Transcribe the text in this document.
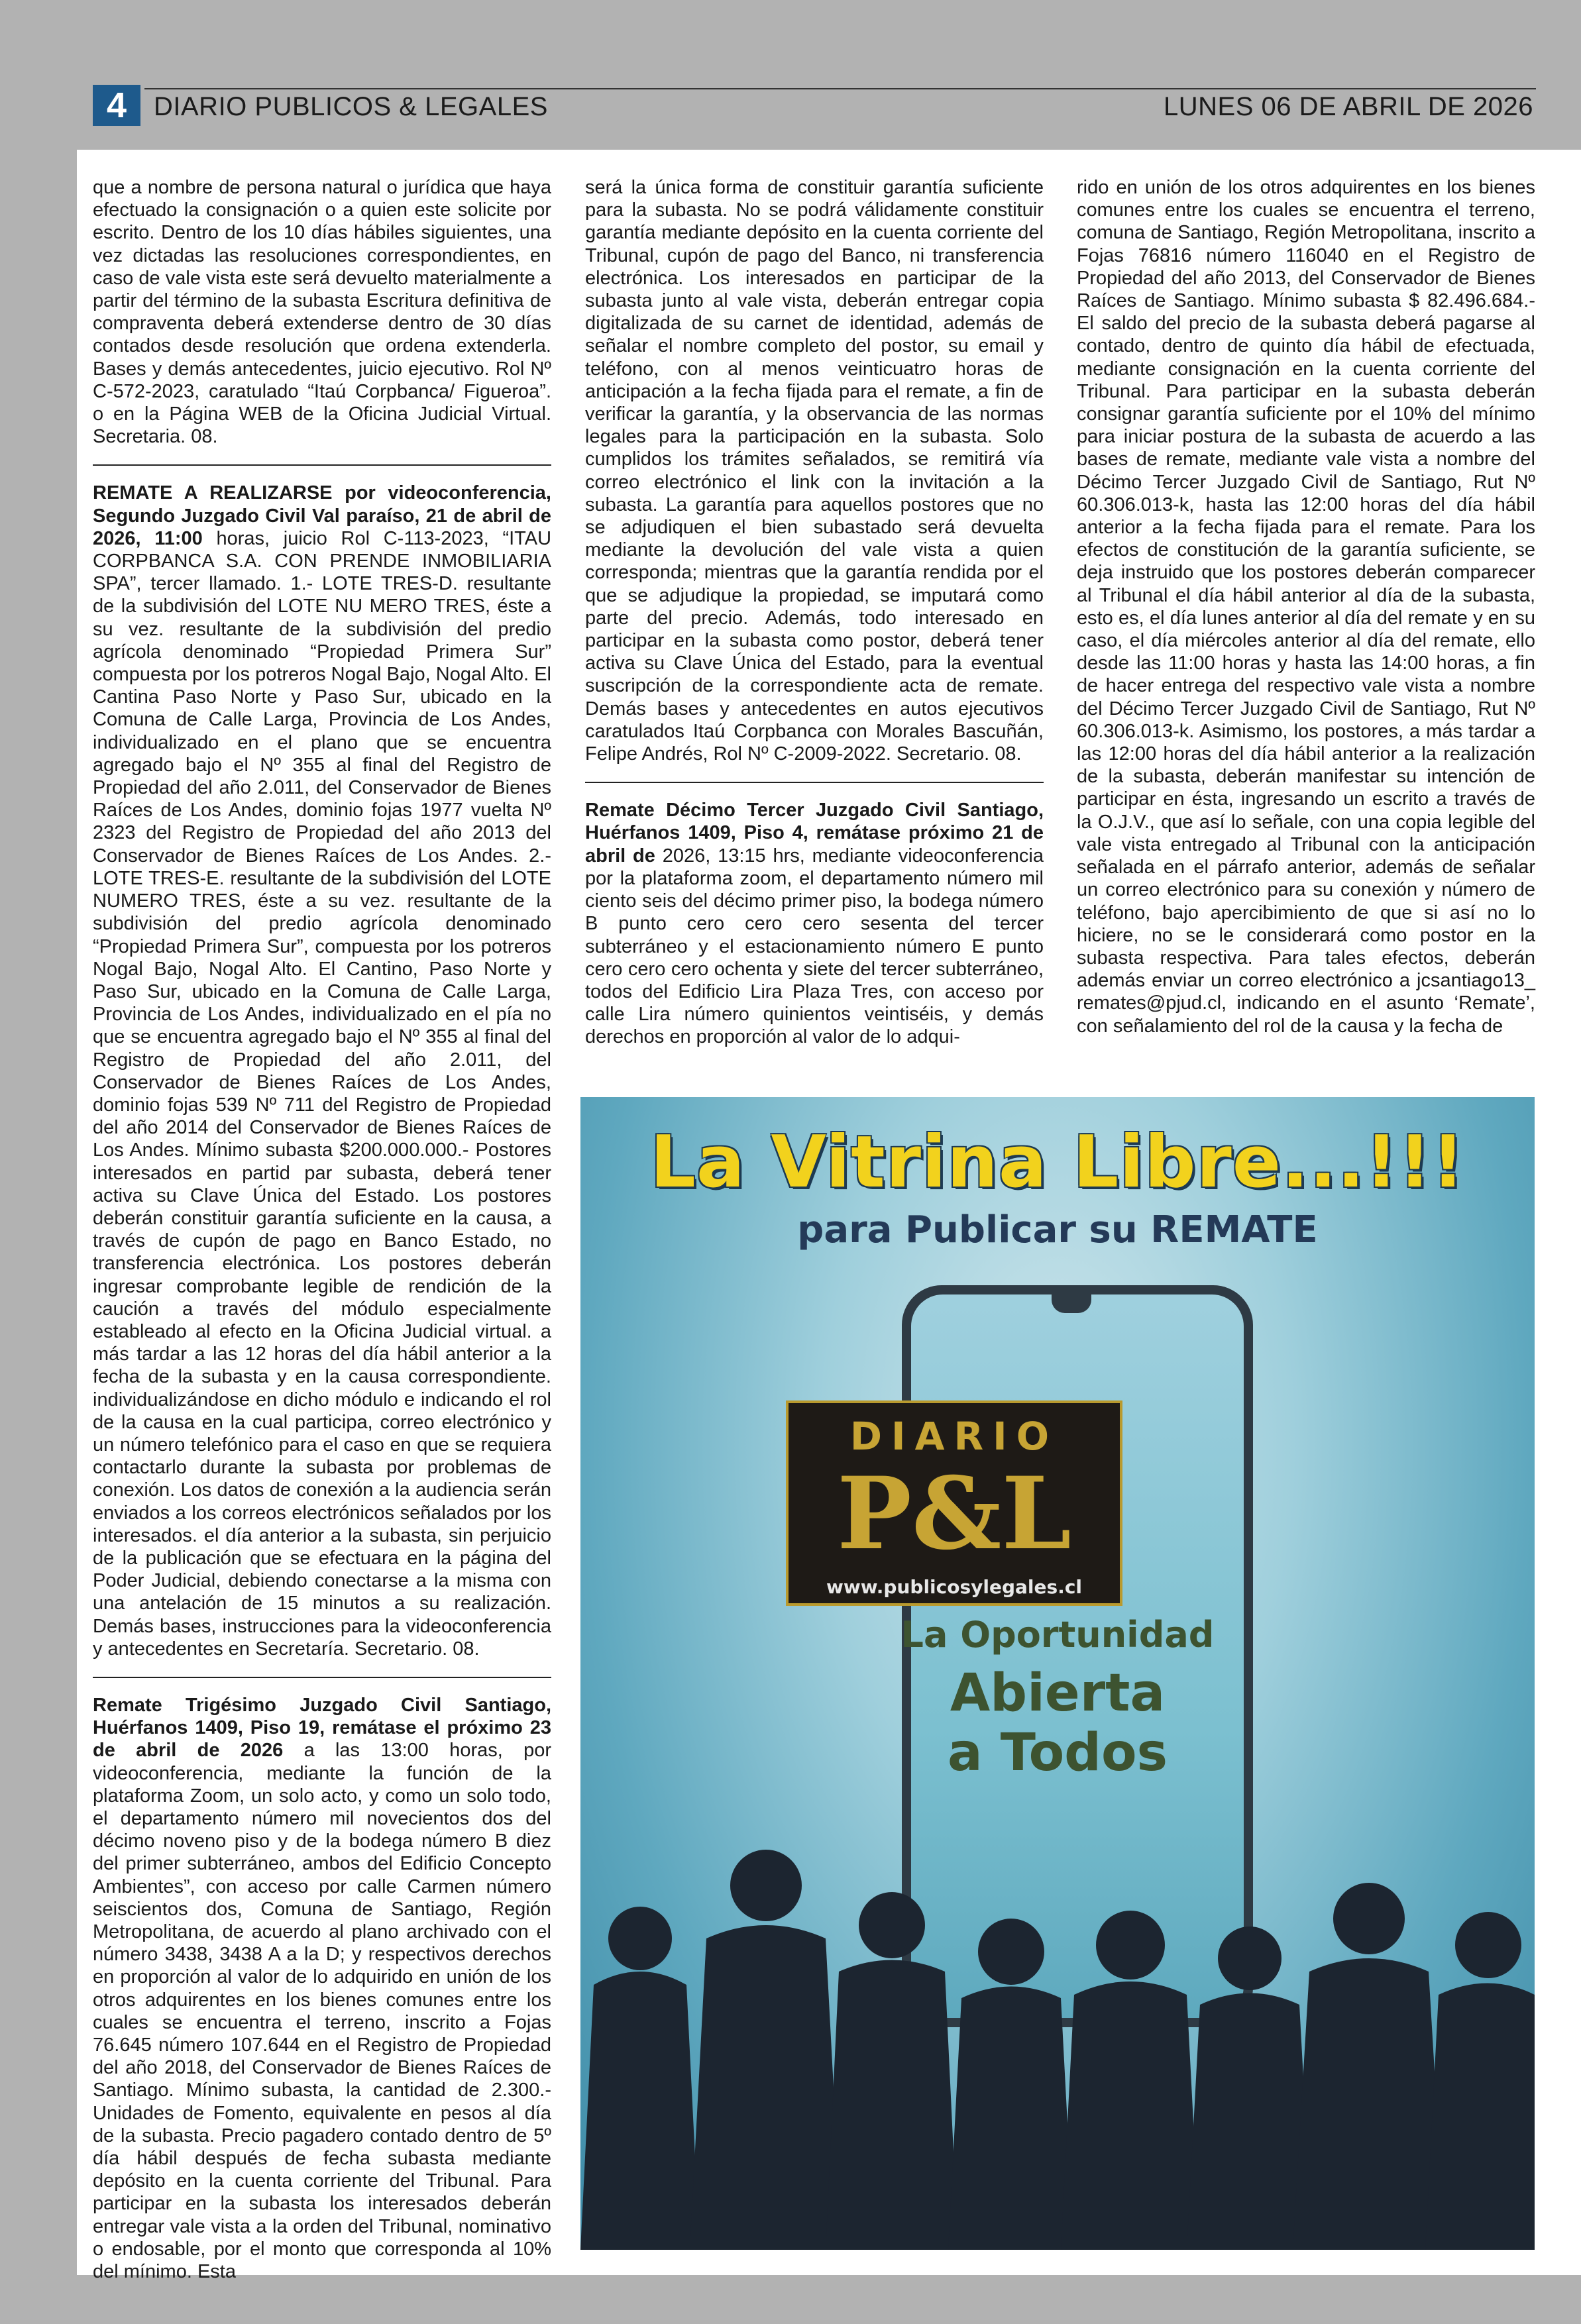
4	DIARIO PUBLICOS & LEGALES	LUNES 06 DE ABRIL DE 2026

que a nombre de persona natural o jurídica que haya efectuado la consignación o a quien este solicite por escrito. Dentro de los 10 días hábiles siguientes, una vez dictadas las resoluciones correspondientes, en caso de vale vista este será devuelto materialmente a partir del término de la subasta Escritura definitiva de compraventa deberá extenderse dentro de 30 días contados desde resolución que ordena extenderla. Bases y demás antecedentes, juicio ejecutivo. Rol Nº C-572-2023, caratulado “Itaú Corpbanca/ Figueroa”. o en la Página WEB de la Oficina Judicial Virtual. Secretaria. 08.

REMATE A REALIZARSE por videoconferencia, Segundo Juzgado Civil Val paraíso, 21 de abril de 2026, 11:00 horas, juicio Rol C-113-2023, “ITAU CORPBANCA S.A. CON PRENDE INMOBILIARIA SPA”, tercer llamado. 1.- LOTE TRES-D. resultante de la subdivisión del LOTE NU MERO TRES, éste a su vez. resultante de la subdivisión del predio agrícola denominado “Propiedad Primera Sur” compuesta por los potreros Nogal Bajo, Nogal Alto. El Cantina Paso Norte y Paso Sur, ubicado en la Comuna de Calle Larga, Provincia de Los Andes, individualizado en el plano que se encuentra agregado bajo el Nº 355 al final del Registro de Propiedad del año 2.011, del Conservador de Bienes Raíces de Los Andes, dominio fojas 1977 vuelta Nº 2323 del Registro de Propiedad del año 2013 del Conservador de Bienes Raíces de Los Andes. 2.- LOTE TRES-E. resultante de la subdivisión del LOTE NUMERO TRES, éste a su vez. resultante de la subdivisión del predio agrícola denominado “Propiedad Primera Sur”, compuesta por los potreros Nogal Bajo, Nogal Alto. El Cantino, Paso Norte y Paso Sur, ubicado en la Comuna de Calle Larga, Provincia de Los Andes, individualizado en el pía no que se encuentra agregado bajo el Nº 355 al final del Registro de Propiedad del año 2.011, del Conservador de Bienes Raíces de Los Andes, dominio fojas 539 Nº 711 del Registro de Propiedad del año 2014 del Conservador de Bienes Raíces de Los Andes. Mínimo subasta $200.000.000.- Postores interesados en partid par subasta, deberá tener activa su Clave Única del Estado. Los postores deberán constituir garantía suficiente en la causa, a través de cupón de pago en Banco Estado, no transferencia electrónica. Los postores deberán ingresar comprobante legible de rendición de la caución a través del módulo especialmente estableado al efecto en la Oficina Judicial virtual. a más tardar a las 12 horas del día hábil anterior a la fecha de la subasta y en la causa correspondiente. individualizándose en dicho módulo e indicando el rol de la causa en la cual participa, correo electrónico y un número telefónico para el caso en que se requiera contactarlo durante la subasta por problemas de conexión. Los datos de conexión a la audiencia serán enviados a los correos electrónicos señalados por los interesados. el día anterior a la subasta, sin perjuicio de la publicación que se efectuara en la página del Poder Judicial, debiendo conectarse a la misma con una antelación de 15 minutos a su realización. Demás bases, instrucciones para la videoconferencia y antecedentes en Secretaría. Secretario. 08.

Remate Trigésimo Juzgado Civil Santiago, Huérfanos 1409, Piso 19, remátase el próximo 23 de abril de 2026 a las 13:00 horas, por videoconferencia, mediante la función de la plataforma Zoom, un solo acto, y como un solo todo, el departamento número mil novecientos dos del décimo noveno piso y de la bodega número B diez del primer subterráneo, ambos del Edificio Concepto Ambientes”, con acceso por calle Carmen número seiscientos dos, Comuna de Santiago, Región Metropolitana, de acuerdo al plano archivado con el número 3438, 3438 A a la D; y respectivos derechos en proporción al valor de lo adquirido en unión de los otros adquirentes en los bienes comunes entre los cuales se encuentra el terreno, inscrito a Fojas 76.645 número 107.644 en el Registro de Propiedad del año 2018, del Conservador de Bienes Raíces de Santiago. Mínimo subasta, la cantidad de 2.300.- Unidades de Fomento, equivalente en pesos al día de la subasta. Precio pagadero contado dentro de 5º día hábil después de fecha subasta mediante depósito en la cuenta corriente del Tribunal. Para participar en la subasta los interesados deberán entregar vale vista a la orden del Tribunal, nominativo o endosable, por el monto que corresponda al 10% del mínimo. Esta

será la única forma de constituir garantía suficiente para la subasta. No se podrá válidamente constituir garantía mediante depósito en la cuenta corriente del Tribunal, cupón de pago del Banco, ni transferencia electrónica. Los interesados en participar de la subasta junto al vale vista, deberán entregar copia digitalizada de su carnet de identidad, además de señalar el nombre completo del postor, su email y teléfono, con al menos veinticuatro horas de anticipación a la fecha fijada para el remate, a fin de verificar la garantía, y la observancia de las normas legales para la participación en la subasta. Solo cumplidos los trámites señalados, se remitirá vía correo electrónico el link con la invitación a la subasta. La garantía para aquellos postores que no se adjudiquen el bien subastado será devuelta mediante la devolución del vale vista a quien corresponda; mientras que la garantía rendida por el que se adjudique la propiedad, se imputará como parte del precio. Además, todo interesado en participar en la subasta como postor, deberá tener activa su Clave Única del Estado, para la eventual suscripción de la correspondiente acta de remate. Demás bases y antecedentes en autos ejecutivos caratulados Itaú Corpbanca con Morales Bascuñán, Felipe Andrés, Rol Nº C-2009-2022. Secretario. 08.

Remate Décimo Tercer Juzgado Civil Santiago, Huérfanos 1409, Piso 4, remátase próximo 21 de abril de 2026, 13:15 hrs, mediante videoconferencia por la plataforma zoom, el departamento número mil ciento seis del décimo primer piso, la bodega número B punto cero cero cero sesenta del tercer subterráneo y el estacionamiento número E punto cero cero cero ochenta y siete del tercer subterráneo, todos del Edificio Lira Plaza Tres, con acceso por calle Lira número quinientos veintiséis, y demás derechos en proporción al valor de lo adqui-

rido en unión de los otros adquirentes en los bienes comunes entre los cuales se encuentra el terreno, comuna de Santiago, Región Metropolitana, inscrito a Fojas 76816 número 116040 en el Registro de Propiedad del año 2013, del Conservador de Bienes Raíces de Santiago. Mínimo subasta $ 82.496.684.- El saldo del precio de la subasta deberá pagarse al contado, dentro de quinto día hábil de efectuada, mediante consignación en la cuenta corriente del Tribunal. Para participar en la subasta deberán consignar garantía suficiente por el 10% del mínimo para iniciar postura de la subasta de acuerdo a las bases de remate, mediante vale vista a nombre del Décimo Tercer Juzgado Civil de Santiago, Rut Nº 60.306.013-k, hasta las 12:00 horas del día hábil anterior a la fecha fijada para el remate. Para los efectos de constitución de la garantía suficiente, se deja instruido que los postores deberán comparecer al Tribunal el día hábil anterior al día de la subasta, esto es, el día lunes anterior al día del remate y en su caso, el día miércoles anterior al día del remate, ello desde las 11:00 horas y hasta las 14:00 horas, a fin de hacer entrega del respectivo vale vista a nombre del Décimo Tercer Juzgado Civil de Santiago, Rut Nº 60.306.013-k. Asimismo, los postores, a más tardar a las 12:00 horas del día hábil anterior a la realización de la subasta, deberán manifestar su intención de participar en ésta, ingresando un escrito a través de la O.J.V., que así lo señale, con una copia legible del vale vista entregado al Tribunal con la anticipación señalada en el párrafo anterior, además de señalar un correo electrónico para su conexión y número de teléfono, bajo apercibimiento de que si así no lo hiciere, no se le considerará como postor en la subasta respectiva. Para tales efectos, deberán además enviar un correo electrónico a jcsantiago13_ remates@pjud.cl, indicando en el asunto ‘Remate’, con señalamiento del rol de la causa y la fecha de

La Vitrina Libre...!!!
para Publicar su REMATE
DIARIO
P&L
www.publicosylegales.cl
La Oportunidad
Abierta
a Todos
